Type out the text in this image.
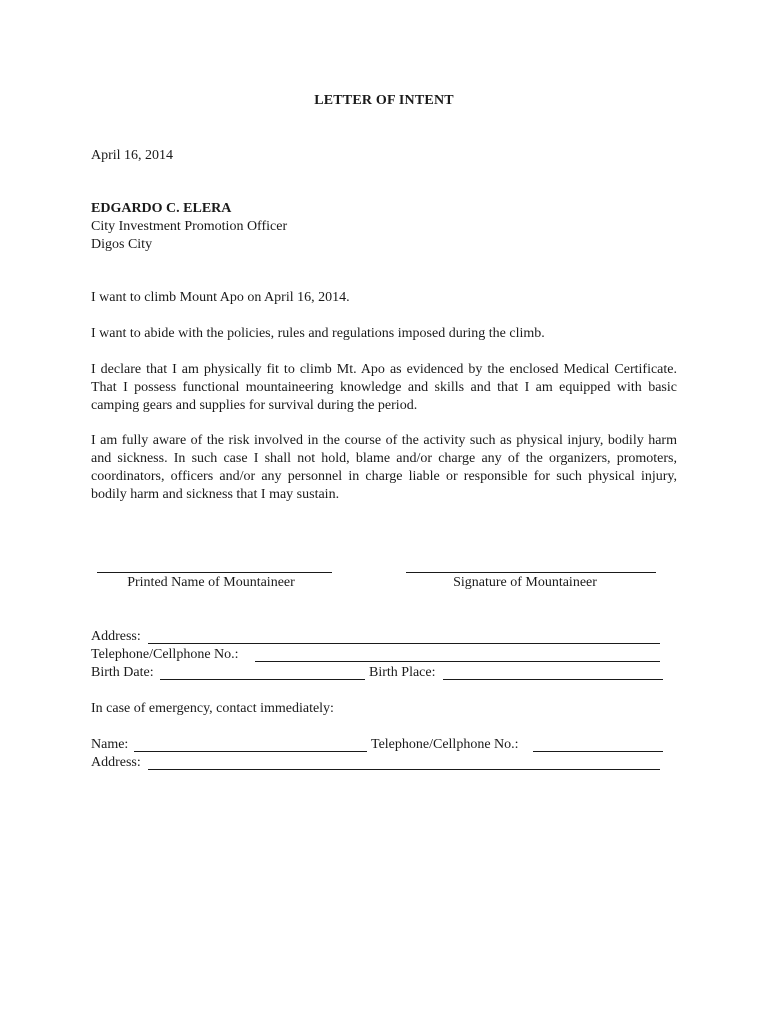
LETTER OF INTENT
April 16, 2014
EDGARDO C. ELERA
City Investment Promotion Officer
Digos City
I want to climb Mount Apo on April 16, 2014.
I want to abide with the policies, rules and regulations imposed during the climb.
I declare that I am physically fit to climb Mt. Apo as evidenced by the enclosed Medical Certificate. That I possess functional mountaineering knowledge and skills and that I am equipped with basic camping gears and supplies for survival during the period.
I am fully aware of the risk involved in the course of the activity such as physical injury, bodily harm and sickness. In such case I shall not hold, blame and/or charge any of the organizers, promoters, coordinators, officers and/or any personnel in charge liable or responsible for such physical injury, bodily harm and sickness that I may sustain.
Printed Name of Mountaineer	Signature of Mountaineer
Address:
Telephone/Cellphone No.:
Birth Date:	Birth Place:
In case of emergency, contact immediately:
Name:	Telephone/Cellphone No.:
Address:
